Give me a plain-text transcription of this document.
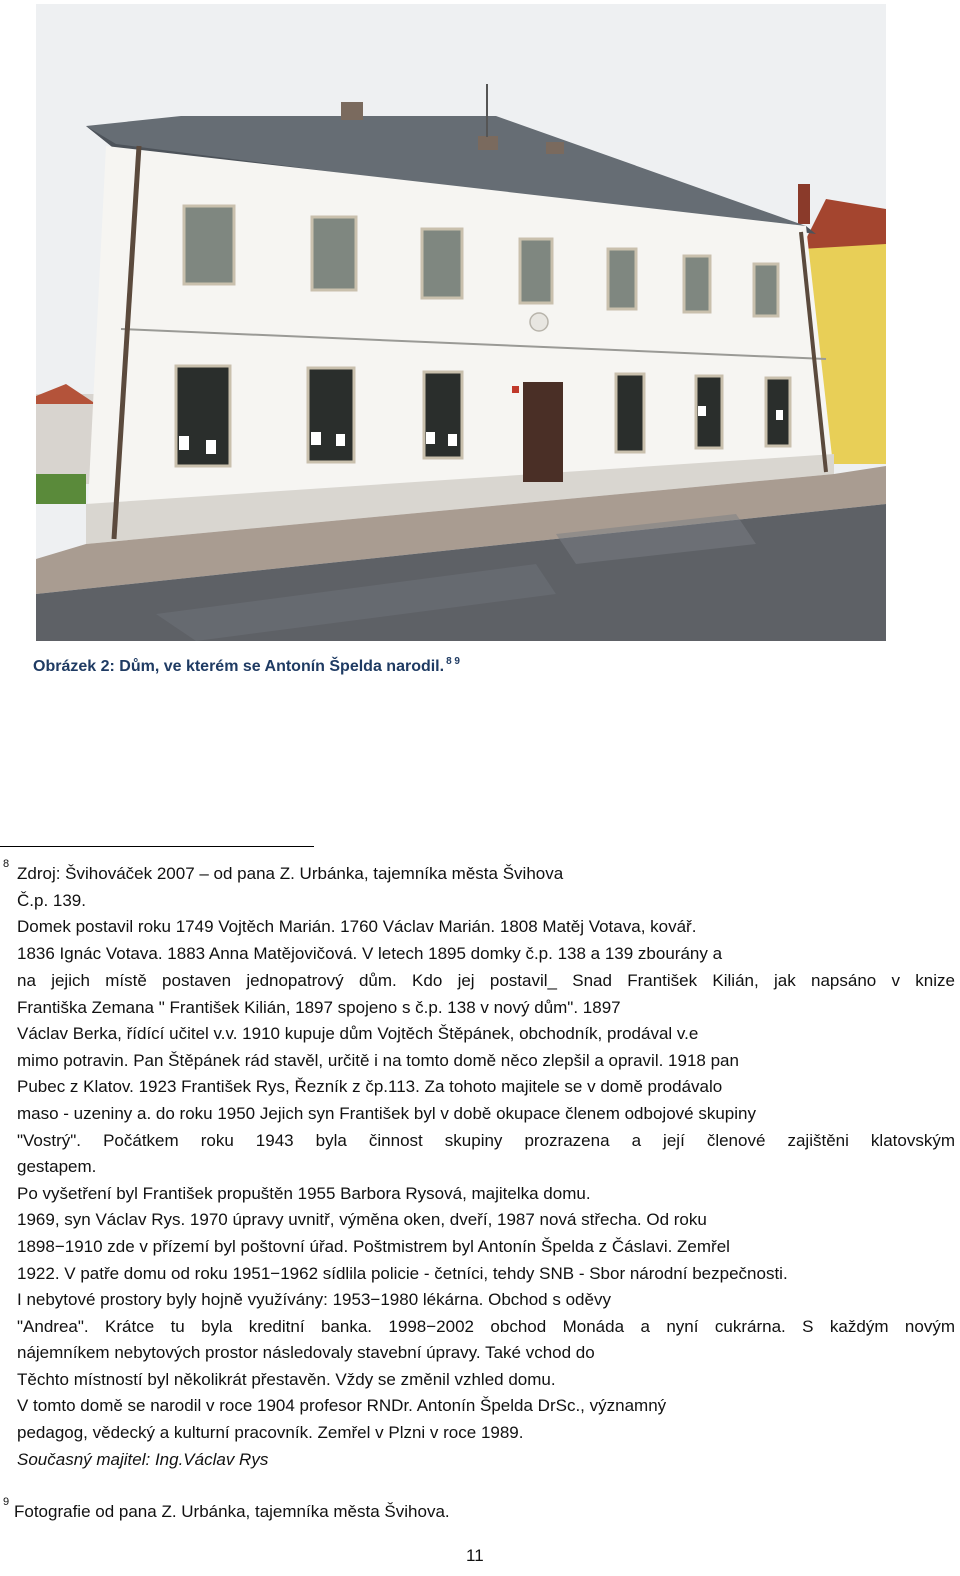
Obrázek 2: Dům, ve kterém se Antonín Špelda narodil. $^{8 9}$
8 Zdroj: Švihováček 2007 – od pana Z. Urbánka, tajemníka města Švihova
Č.p. 139.
Domek postavil roku 1749 Vojtěch Marián. 1760 Václav Marián. 1808 Matěj Votava, kovář.
1836 Ignác Votava. 1883 Anna Matějovičová. V letech 1895 domky č.p. 138 a 139 zbourány a
na jejich místě postaven jednopatrový dům. Kdo jej postavil_ Snad František Kilián, jak napsáno v knize
Františka Zemana " František Kilián, 1897 spojeno s č.p. 138 v nový dům". 1897
Václav Berka, řídící učitel v.v. 1910 kupuje dům Vojtěch Štěpánek, obchodník, prodával v.e
mimo potravin. Pan Štěpánek rád stavěl, určitě i na tomto domě něco zlepšil a opravil. 1918 pan
Pubec z Klatov. 1923 František Rys, Řezník z čp.113. Za tohoto majitele se v domě prodávalo
maso - uzeniny a. do roku 1950 Jejich syn František byl v době okupace členem odbojové skupiny
"Vostrý". Počátkem roku 1943 byla činnost skupiny prozrazena a její členové zajištěni klatovským
gestapem.
Po vyšetření byl František propuštěn 1955 Barbora Rysová, majitelka domu.
1969, syn Václav Rys. 1970 úpravy uvnitř, výměna oken, dveří, 1987 nová střecha. Od roku
1898−1910 zde v přízemí byl poštovní úřad. Poštmistrem byl Antonín Špelda z Čáslavi. Zemřel
1922. V patře domu od roku 1951−1962 sídlila policie - četníci, tehdy SNB - Sbor národní bezpečnosti.
I nebytové prostory byly hojně využívány: 1953−1980 lékárna. Obchod s oděvy
"Andrea". Krátce tu byla kreditní banka. 1998−2002 obchod Monáda a nyní cukrárna. S každým novým
nájemníkem nebytových prostor následovaly stavební úpravy. Také vchod do
Těchto místností byl několikrát přestavěn. Vždy se změnil vzhled domu.
V tomto domě se narodil v roce 1904 profesor RNDr. Antonín Špelda DrSc., významný
pedagog, vědecký a kulturní pracovník. Zemřel v Plzni v roce 1989.
Současný majitel: Ing.Václav Rys
9 Fotografie od pana Z. Urbánka, tajemníka města Švihova.
11
